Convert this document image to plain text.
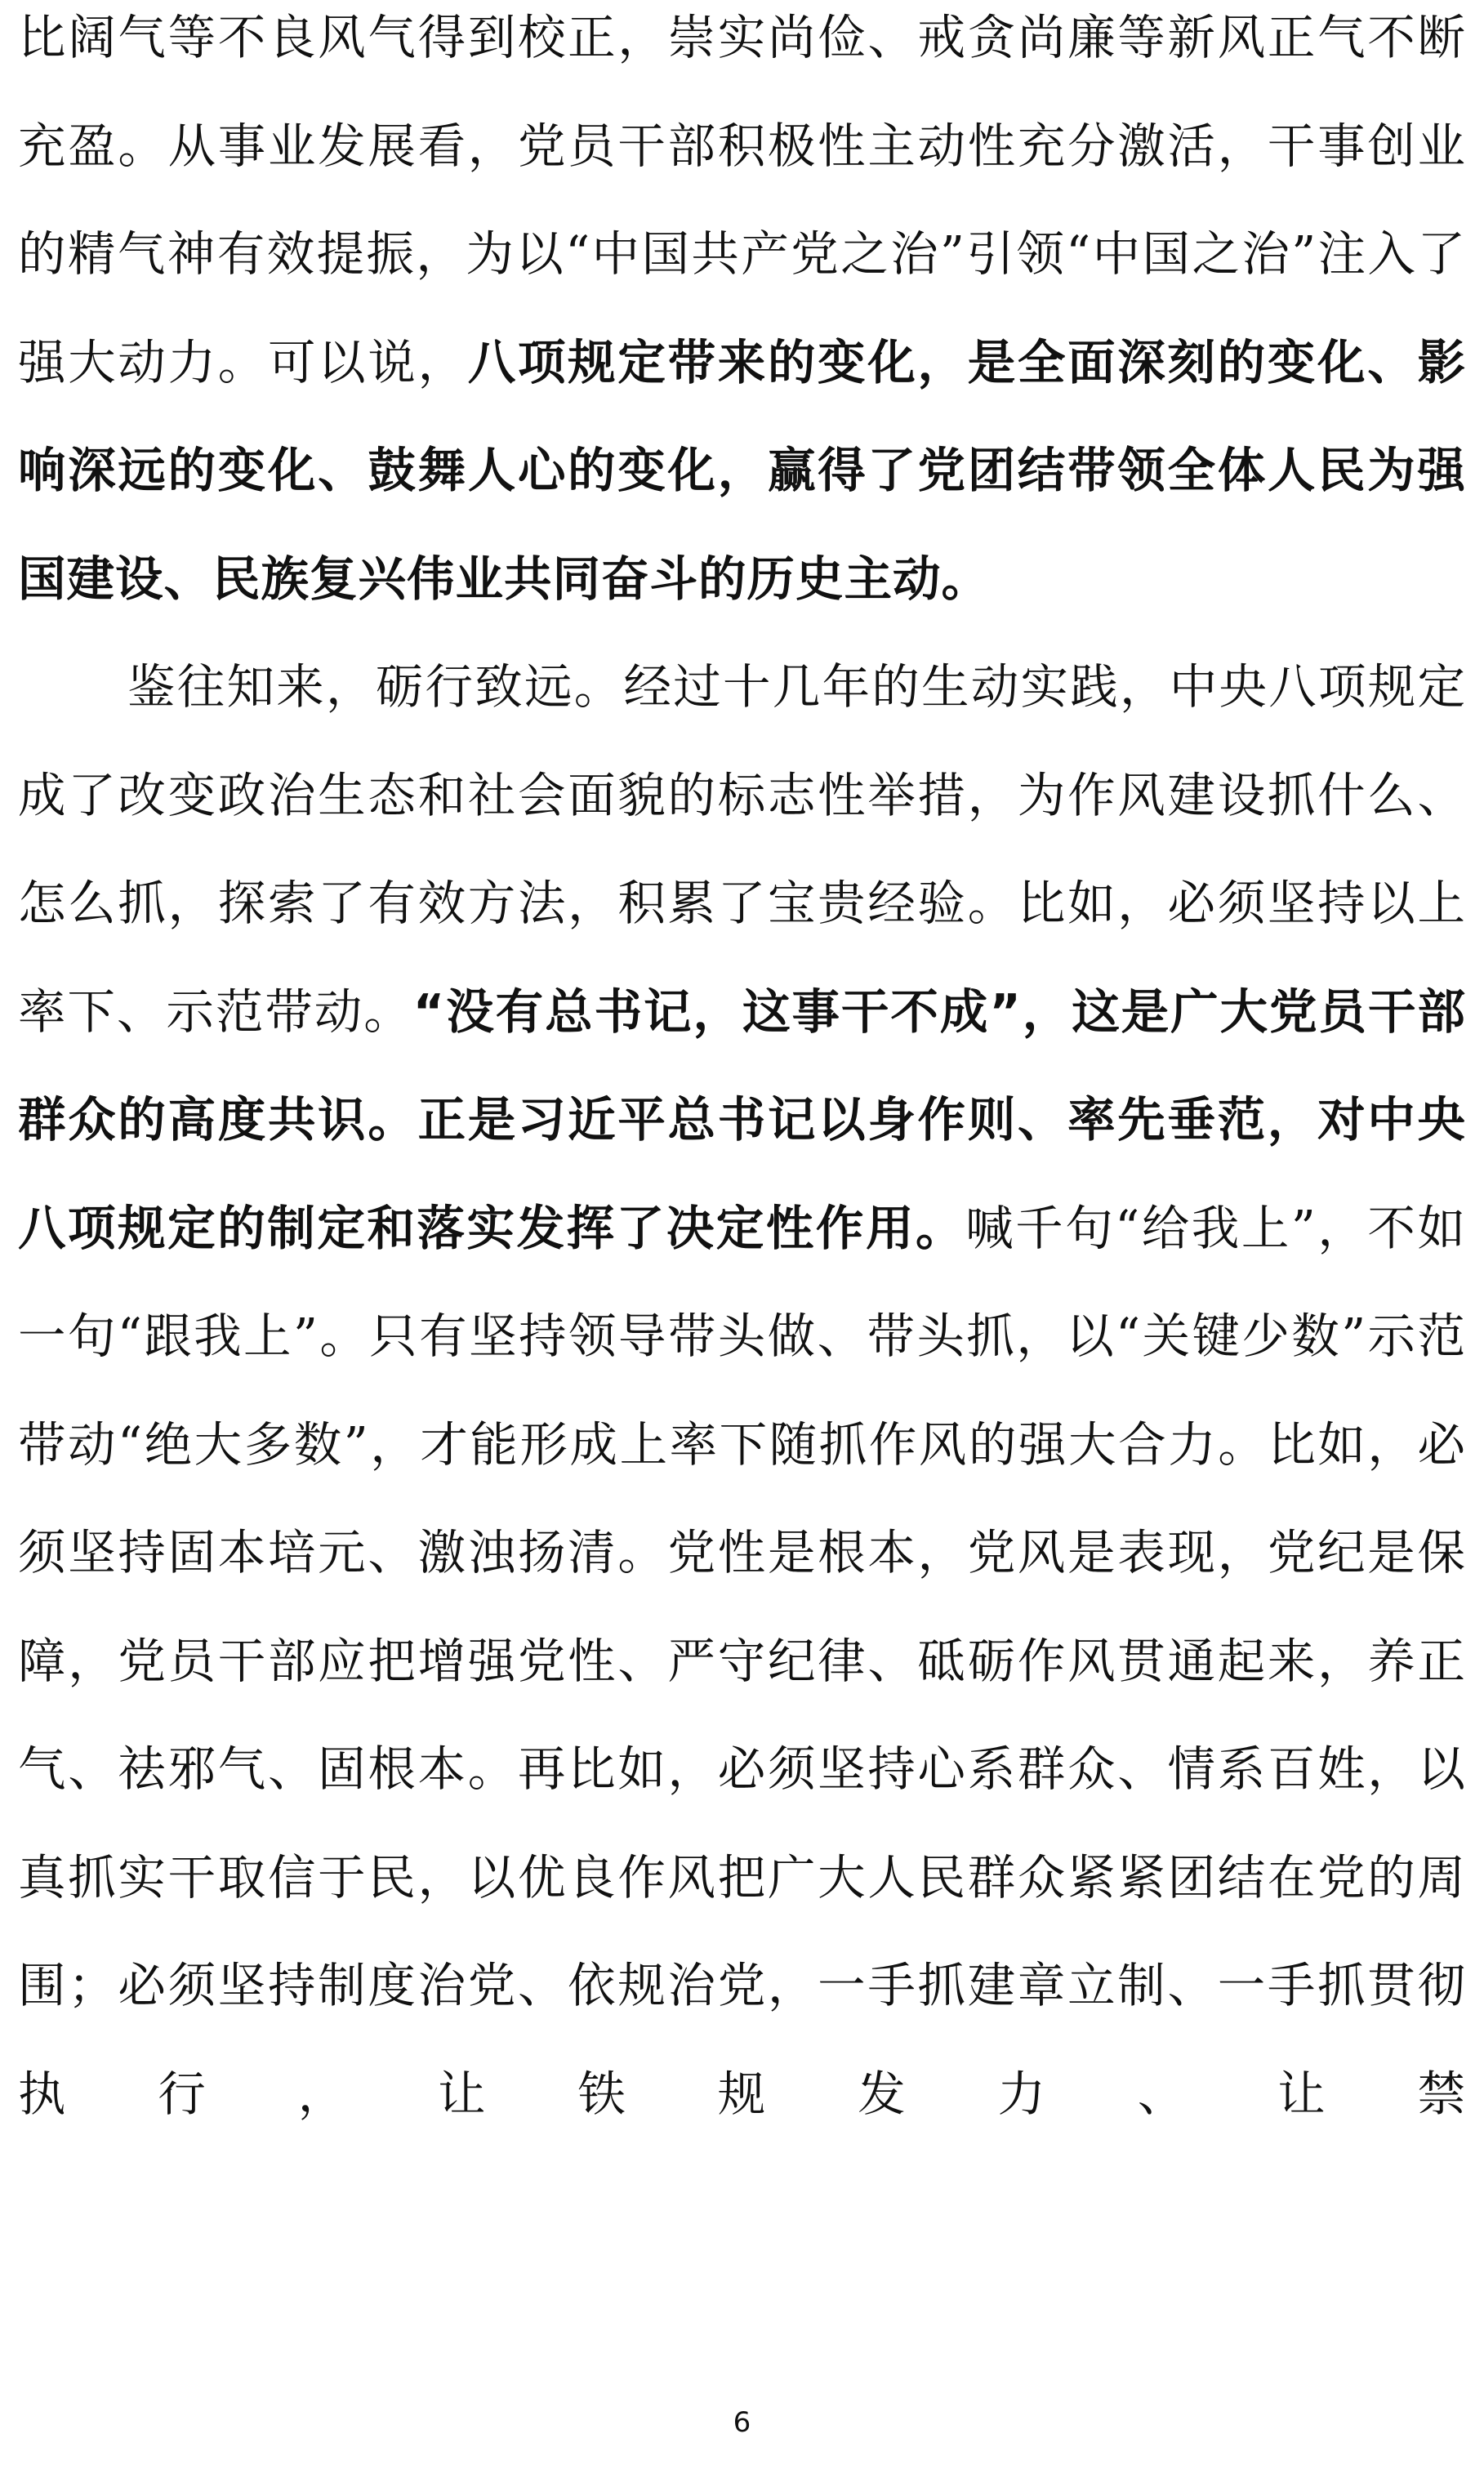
比阔气等不良风气得到校正，崇实尚俭、戒贪尚廉等新风正气不断充盈。从事业发展看，党员干部积极性主动性充分激活，干事创业的精气神有效提振，为以“中国共产党之治”引领“中国之治”注入了强大动力。可以说，八项规定带来的变化，是全面深刻的变化、影响深远的变化、鼓舞人心的变化，赢得了党团结带领全体人民为强国建设、民族复兴伟业共同奋斗的历史主动。

鉴往知来，砺行致远。经过十几年的生动实践，中央八项规定成了改变政治生态和社会面貌的标志性举措，为作风建设抓什么、怎么抓，探索了有效方法，积累了宝贵经验。比如，必须坚持以上率下、示范带动。“没有总书记，这事干不成”，这是广大党员干部群众的高度共识。正是习近平总书记以身作则、率先垂范，对中央八项规定的制定和落实发挥了决定性作用。喊千句“给我上”，不如一句“跟我上”。只有坚持领导带头做、带头抓，以“关键少数”示范带动“绝大多数”，才能形成上率下随抓作风的强大合力。比如，必须坚持固本培元、激浊扬清。党性是根本，党风是表现，党纪是保障，党员干部应把增强党性、严守纪律、砥砺作风贯通起来，养正气、祛邪气、固根本。再比如，必须坚持心系群众、情系百姓，以真抓实干取信于民，以优良作风把广大人民群众紧紧团结在党的周围；必须坚持制度治党、依规治党，一手抓建章立制、一手抓贯彻执行，让铁规发力、让禁

6
